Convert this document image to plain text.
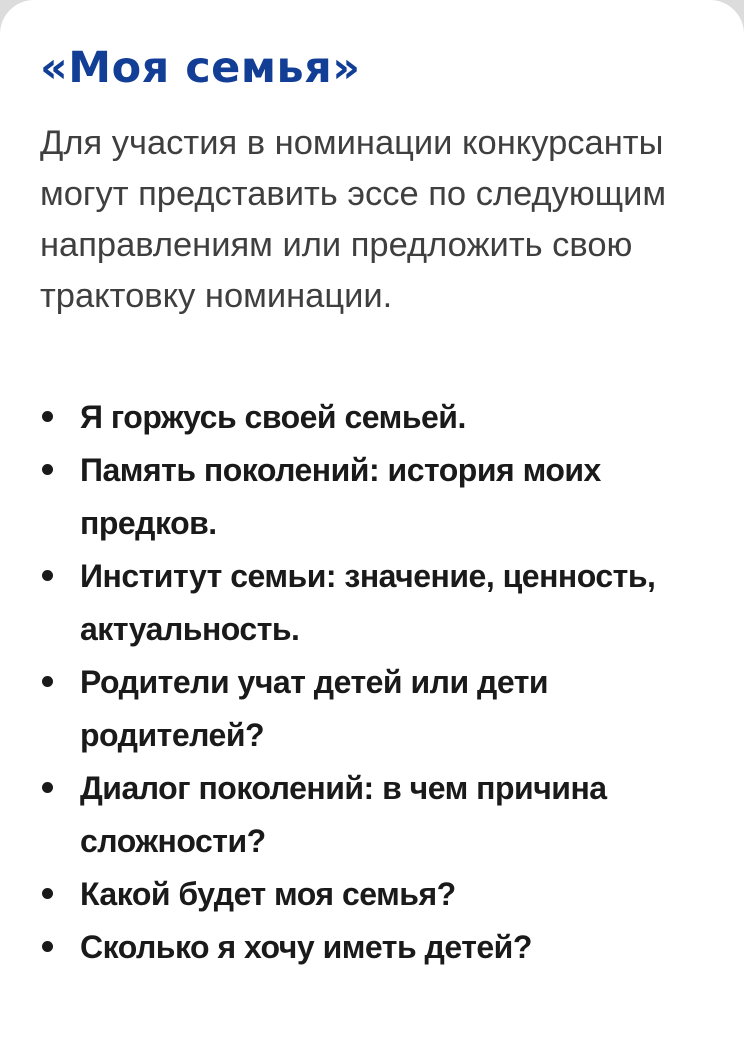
«Моя семья»

Для участия в номинации конкурсанты могут представить эссе по следующим направлениям или предложить свою трактовку номинации.

Я горжусь своей семьей.
Память поколений: история моих предков.
Институт семьи: значение, ценность, актуальность.
Родители учат детей или дети родителей?
Диалог поколений: в чем причина сложности?
Какой будет моя семья?
Сколько я хочу иметь детей?
